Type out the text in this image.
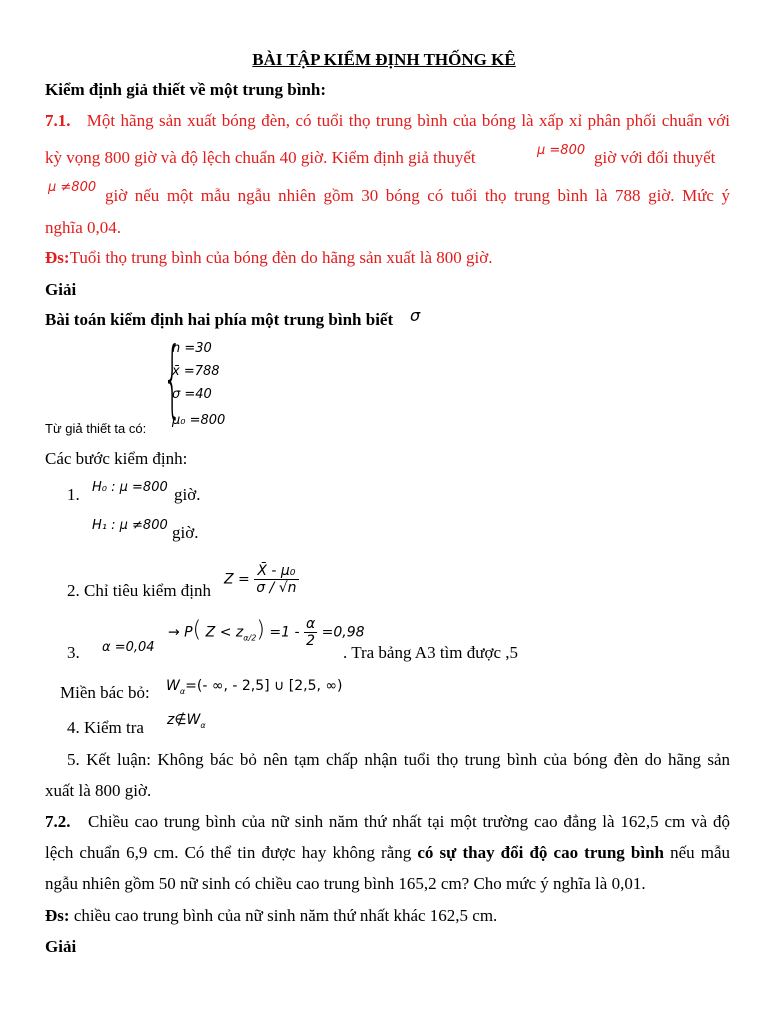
BÀI TẬP KIỂM ĐỊNH THỐNG KÊ
Kiểm định giả thiết về một trung bình:
7.1. Một hãng sản xuất bóng đèn, có tuổi thọ trung bình của bóng là xấp xỉ phân phối chuẩn với
kỳ vọng 800 giờ và độ lệch chuẩn 40 giờ. Kiểm định giả thuyết	μ =800 giờ với đối thuyết
μ ≠800 giờ nếu một mẫu ngẫu nhiên gồm 30 bóng có tuổi thọ trung bình là 788 giờ. Mức ý
nghĩa 0,04.
Đs:Tuổi thọ trung bình của bóng đèn do hãng sản xuất là 800 giờ.
Giải
Bài toán kiểm định hai phía một trung bình biết σ
{
n =30
x̄ =788
σ =40
μ₀ =800
Từ giả thiết ta có:
Các bước kiểm định:
1. H₀ : μ =800 giờ.
H₁ : μ ≠800 giờ.
2. Chỉ tiêu kiểm định
$Z = \frac{\text{X̄ - μ₀}}{\sigma / √n}$
3. α =0,04
→ P( $Z < z_{\alpha/2}) =1 - \frac{\alpha}{2} =0,98$
. Tra bảng A3 tìm được ,5
Miền bác bỏ: $W_\alpha=(-$ ∞, - 2,5] ∪ [2,5, ∞)
4. Kiểm tra $z\notin W_\alpha$
5. Kết luận: Không bác bỏ nên tạm chấp nhận tuổi thọ trung bình của bóng đèn do hãng sản
xuất là 800 giờ.
7.2. Chiều cao trung bình của nữ sinh năm thứ nhất tại một trường cao đẳng là 162,5 cm và độ
lệch chuẩn 6,9 cm. Có thể tin được hay không rằng có sự thay đổi độ cao trung bình nếu mẫu
ngẫu nhiên gồm 50 nữ sinh có chiều cao trung bình 165,2 cm? Cho mức ý nghĩa là 0,01.
Đs: chiều cao trung bình của nữ sinh năm thứ nhất khác 162,5 cm.
Giải
